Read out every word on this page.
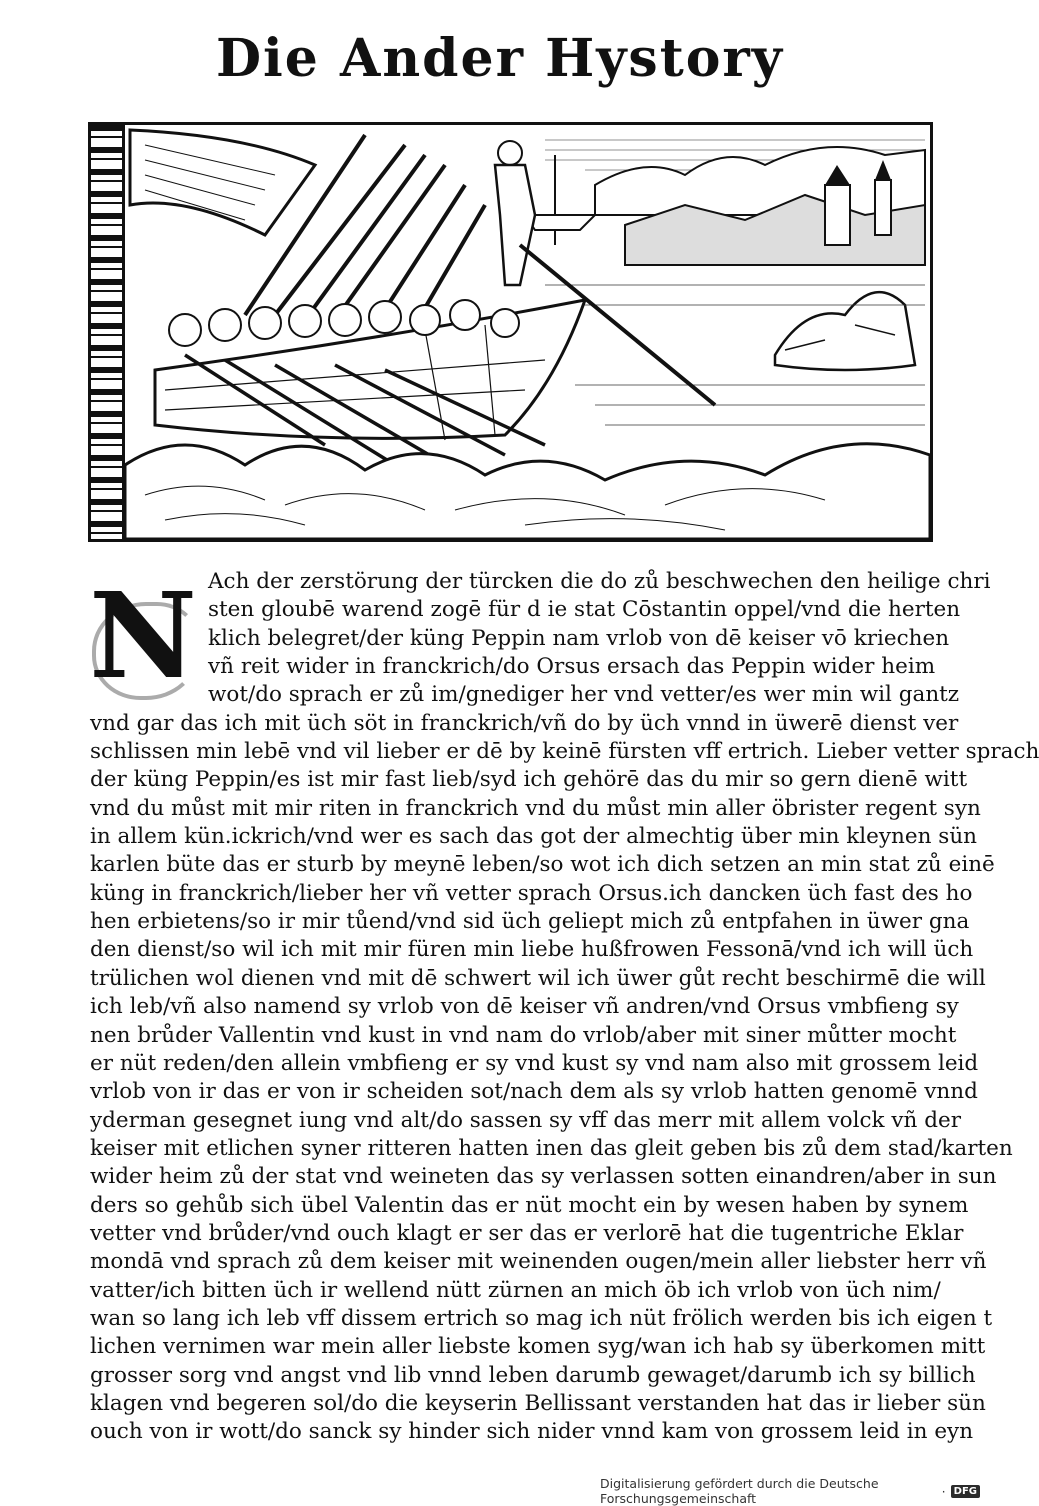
Die Ander Hystory
N Ach der zerstörung der türcken die do zů beschwechen den heilige chri
sten gloubē warend zogē für d ie stat Cōstantin oppel/vnd die herten
klich belegret/der küng Peppin nam vrlob von dē keiser vō kriechen
vñ reit wider in franckrich/do Orsus ersach das Peppin wider heim
wot/do sprach er zů im/gnediger her vnd vetter/es wer min wil gantz
vnd gar das ich mit üch söt in franckrich/vñ do by üch vnnd in üwerē dienst ver
schlissen min lebē vnd vil lieber er dē by keinē fürsten vff ertrich. Lieber vetter sprach
der küng Peppin/es ist mir fast lieb/syd ich gehörē das du mir so gern dienē witt
vnd du můst mit mir riten in franckrich vnd du můst min aller öbrister regent syn
in allem kün.ickrich/vnd wer es sach das got der almechtig über min kleynen sün
karlen büte das er sturb by meynē leben/so wot ich dich setzen an min stat zů einē
küng in franckrich/lieber her vñ vetter sprach Orsus.ich dancken üch fast des ho
hen erbietens/so ir mir tůend/vnd sid üch geliept mich zů entpfahen in üwer gna
den dienst/so wil ich mit mir füren min liebe hußfrowen Fessonā/vnd ich will üch
trülichen wol dienen vnd mit dē schwert wil ich üwer gůt recht beschirmē die will
ich leb/vñ also namend sy vrlob von dē keiser vñ andren/vnd Orsus vmbfieng sy
nen brůder Vallentin vnd kust in vnd nam do vrlob/aber mit siner můtter mocht
er nüt reden/den allein vmbfieng er sy vnd kust sy vnd nam also mit grossem leid
vrlob von ir das er von ir scheiden sot/nach dem als sy vrlob hatten genomē vnnd
yderman gesegnet iung vnd alt/do sassen sy vff das merr mit allem volck vñ der
keiser mit etlichen syner ritteren hatten inen das gleit geben bis zů dem stad/karten
wider heim zů der stat vnd weineten das sy verlassen sotten einandren/aber in sun
ders so gehůb sich übel Valentin das er nüt mocht ein by wesen haben by synem
vetter vnd brůder/vnd ouch klagt er ser das er verlorē hat die tugentriche Eklar
mondā vnd sprach zů dem keiser mit weinenden ougen/mein aller liebster herr vñ
vatter/ich bitten üch ir wellend nütt zürnen an mich öb ich vrlob von üch nim/
wan so lang ich leb vff dissem ertrich so mag ich nüt frölich werden bis ich eigen t
lichen vernimen war mein aller liebste komen syg/wan ich hab sy überkomen mitt
grosser sorg vnd angst vnd lib vnnd leben darumb gewaget/darumb ich sy billich
klagen vnd begeren sol/do die keyserin Bellissant verstanden hat das ir lieber sün
ouch von ir wott/do sanck sy hinder sich nider vnnd kam von grossem leid in eyn
Digitalisierung gefördert durch die Deutsche Forschungsgemeinschaft	· DFG
